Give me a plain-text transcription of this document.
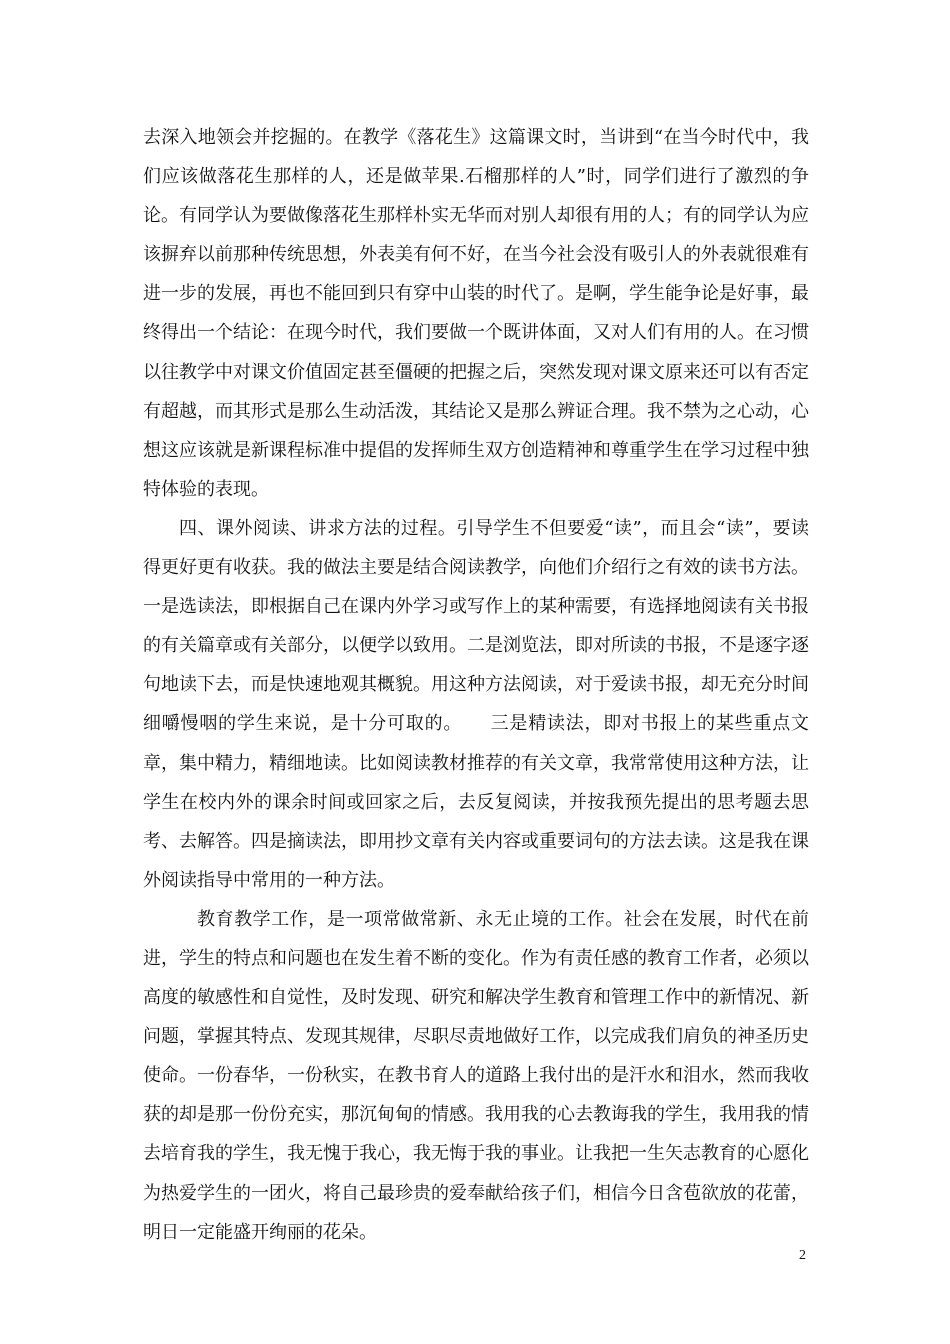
去深入地领会并挖掘的。在教学《落花生》这篇课文时，当讲到“在当今时代中，我们应该做落花生那样的人，还是做苹果.石榴那样的人”时，同学们进行了激烈的争论。有同学认为要做像落花生那样朴实无华而对别人却很有用的人；有的同学认为应该摒弃以前那种传统思想，外表美有何不好，在当今社会没有吸引人的外表就很难有进一步的发展，再也不能回到只有穿中山装的时代了。是啊，学生能争论是好事，最终得出一个结论：在现今时代，我们要做一个既讲体面，又对人们有用的人。在习惯以往教学中对课文价值固定甚至僵硬的把握之后，突然发现对课文原来还可以有否定有超越，而其形式是那么生动活泼，其结论又是那么辨证合理。我不禁为之心动，心想这应该就是新课程标准中提倡的发挥师生双方创造精神和尊重学生在学习过程中独特体验的表现。

四、课外阅读、讲求方法的过程。引导学生不但要爱“读”，而且会“读”，要读得更好更有收获。我的做法主要是结合阅读教学，向他们介绍行之有效的读书方法。一是选读法，即根据自己在课内外学习或写作上的某种需要，有选择地阅读有关书报的有关篇章或有关部分，以便学以致用。二是浏览法，即对所读的书报，不是逐字逐句地读下去，而是快速地观其概貌。用这种方法阅读，对于爱读书报，却无充分时间细嚼慢咽的学生来说，是十分可取的。　　三是精读法，即对书报上的某些重点文章，集中精力，精细地读。比如阅读教材推荐的有关文章，我常常使用这种方法，让学生在校内外的课余时间或回家之后，去反复阅读，并按我预先提出的思考题去思考、去解答。四是摘读法，即用抄文章有关内容或重要词句的方法去读。这是我在课外阅读指导中常用的一种方法。

教育教学工作，是一项常做常新、永无止境的工作。社会在发展，时代在前进，学生的特点和问题也在发生着不断的变化。作为有责任感的教育工作者，必须以高度的敏感性和自觉性，及时发现、研究和解决学生教育和管理工作中的新情况、新问题，掌握其特点、发现其规律，尽职尽责地做好工作，以完成我们肩负的神圣历史使命。一份春华，一份秋实，在教书育人的道路上我付出的是汗水和泪水，然而我收获的却是那一份份充实，那沉甸甸的情感。我用我的心去教诲我的学生，我用我的情去培育我的学生，我无愧于我心，我无悔于我的事业。让我把一生矢志教育的心愿化为热爱学生的一团火，将自己最珍贵的爱奉献给孩子们，相信今日含苞欲放的花蕾，明日一定能盛开绚丽的花朵。

2
